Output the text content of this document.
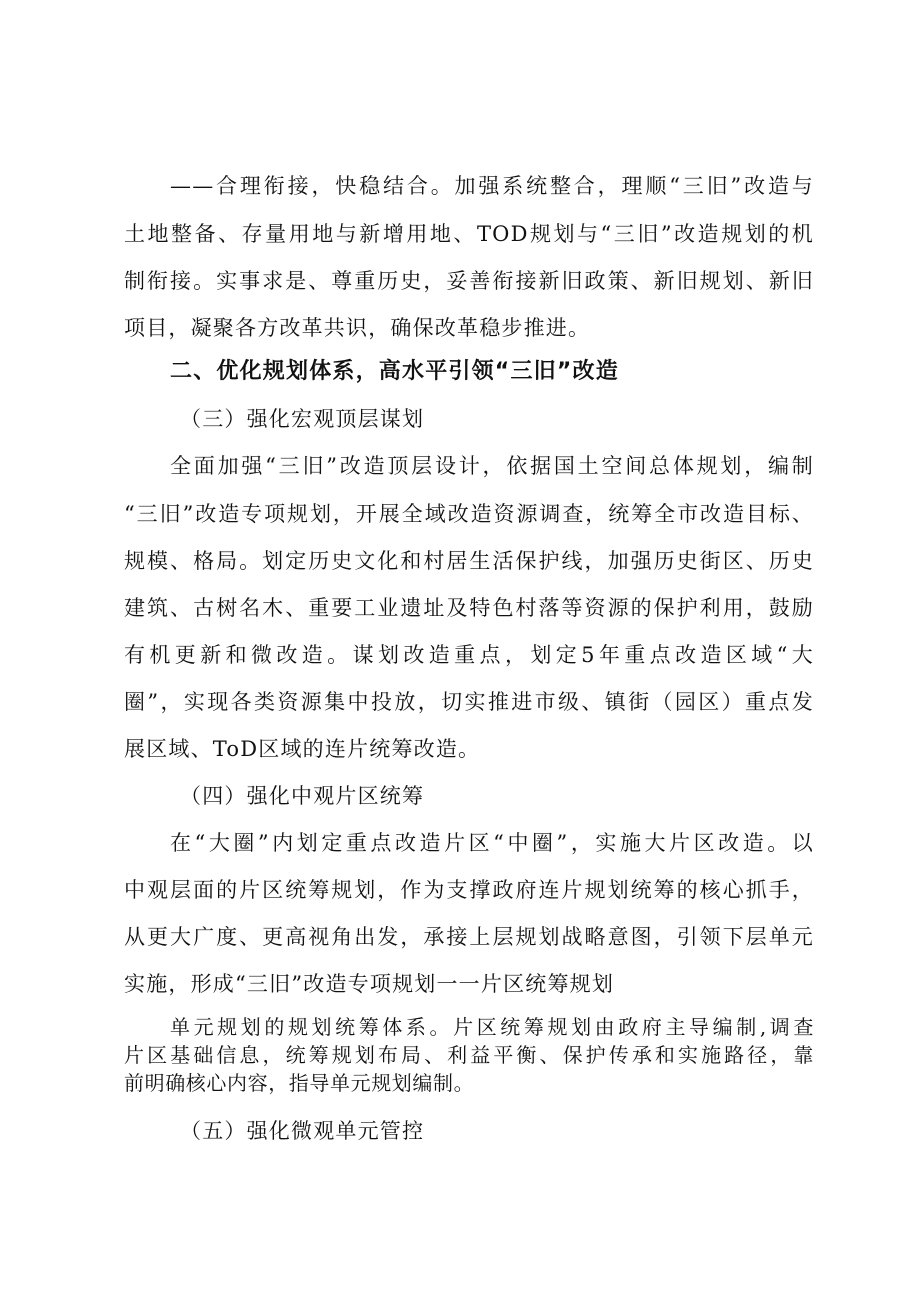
——合理衔接，快稳结合。加强系统整合，理顺“三旧”改造与
土地整备、存量用地与新增用地、TOD规划与“三旧”改造规划的机
制衔接。实事求是、尊重历史，妥善衔接新旧政策、新旧规划、新旧
项目，凝聚各方改革共识，确保改革稳步推进。
二、优化规划体系，高水平引领“三旧”改造
（三）强化宏观顶层谋划
全面加强“三旧”改造顶层设计，依据国土空间总体规划，编制
“三旧”改造专项规划，开展全域改造资源调查，统筹全市改造目标、
规模、格局。划定历史文化和村居生活保护线，加强历史街区、历史
建筑、古树名木、重要工业遗址及特色村落等资源的保护利用，鼓励
有机更新和微改造。谋划改造重点，划定5年重点改造区域“大
圈”，实现各类资源集中投放，切实推进市级、镇街（园区）重点发
展区域、ToD区域的连片统筹改造。
（四）强化中观片区统筹
在“大圈”内划定重点改造片区“中圈”，实施大片区改造。以
中观层面的片区统筹规划，作为支撑政府连片规划统筹的核心抓手，
从更大广度、更高视角出发，承接上层规划战略意图，引领下层单元
实施，形成“三旧”改造专项规划一一片区统筹规划
单元规划的规划统筹体系。片区统筹规划由政府主导编制,调查
片区基础信息，统筹规划布局、利益平衡、保护传承和实施路径，靠
前明确核心内容，指导单元规划编制。
（五）强化微观单元管控
